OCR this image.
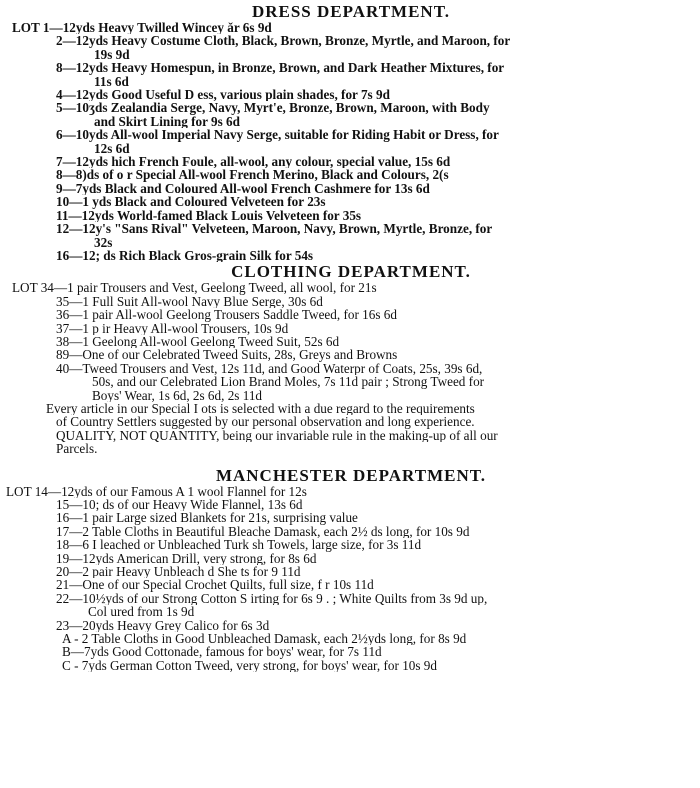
DRESS DEPARTMENT.

LOT 1—12yds Heavy Twilled Wincey ǎr 6s 9d

2—12yds Heavy Costume Cloth, Black, Brown, Bronze, Myrtle, and Maroon, for

19s 9d

8—12yds Heavy Homespun, in Bronze, Brown, and Dark Heather Mixtures, for

11s 6d

4—12yds Good Useful D ess, various plain shades, for 7s 9d

5—10ʒds Zealandia Serge, Navy, Myrt'e, Bronze, Brown, Maroon, with Body

and Skirt Lining for 9s 6d

6—10yds All-wool Imperial Navy Serge, suitable for Riding Habit or Dress, for

12s 6d

7—12yds hich French Foule, all-wool, any colour, special value, 15s 6d

8—8)ds of o r Special All-wool French Merino, Black and Colours, 2(s

9—7yds Black and Coloured All-wool French Cashmere for 13s 6d

10—1 yds Black and Coloured Velveteen for 23s

11—12yds World-famed Black Louis Velveteen for 35s

12—12y's "Sans Rival" Velveteen, Maroon, Navy, Brown, Myrtle, Bronze, for

32s

16—12; ds Rich Black Gros-grain Silk for 54s

CLOTHING DEPARTMENT.

LOT 34—1 pair Trousers and Vest, Geelong Tweed, all wool, for 21s

35—1 Full Suit All-wool Navy Blue Serge, 30s 6d

36—1 pair All-wool Geelong Trousers Saddle Tweed, for 16s 6d

37—1 p ir Heavy All-wool Trousers, 10s 9d

38—1 Geelong All-wool Geelong Tweed Suit, 52s 6d

89—One of our Celebrated Tweed Suits, 28s, Greys and Browns

40—Tweed Trousers and Vest, 12s 11d, and Good Waterpr of Coats, 25s, 39s 6d,

50s, and our Celebrated Lion Brand Moles, 7s 11d pair ; Strong Tweed for

Boys' Wear, 1s 6d, 2s 6d, 2s 11d

Every article in our Special I ots is selected with a due regard to the requirements

of Country Settlers suggested by our personal observation and long experience.

QUALITY, NOT QUANTITY, being our invariable rule in the making-up of all our

Parcels.

MANCHESTER DEPARTMENT.

LOT 14—12yds of our Famous A 1 wool Flannel for 12s

15—10; ds of our Heavy Wide Flannel, 13s 6d

16—1 pair Large sized Blankets for 21s, surprising value

17—2 Table Cloths in Beautiful Bleache Damask, each 2½ ds long, for 10s 9d

18—6 I leached or Unbleached Turk sh Towels, large size, for 3s 11d

19—12yds American Drill, very strong, for 8s 6d

20—2 pair Heavy Unbleach d She ts for 9 11d

21—One of our Special Crochet Quilts, full size, f r 10s 11d

22—10½yds of our Strong Cotton S irting for 6s 9 . ; White Quilts from 3s 9d up,

Col ured from 1s 9d

23—20yds Heavy Grey Calico for 6s 3d

A - 2 Table Cloths in Good Unbleached Damask, each 2½yds long, for 8s 9d

B—7yds Good Cottonade, famous for boys' wear, for 7s 11d

C - 7yds German Cotton Tweed, very strong, for boys' wear, for 10s 9d
